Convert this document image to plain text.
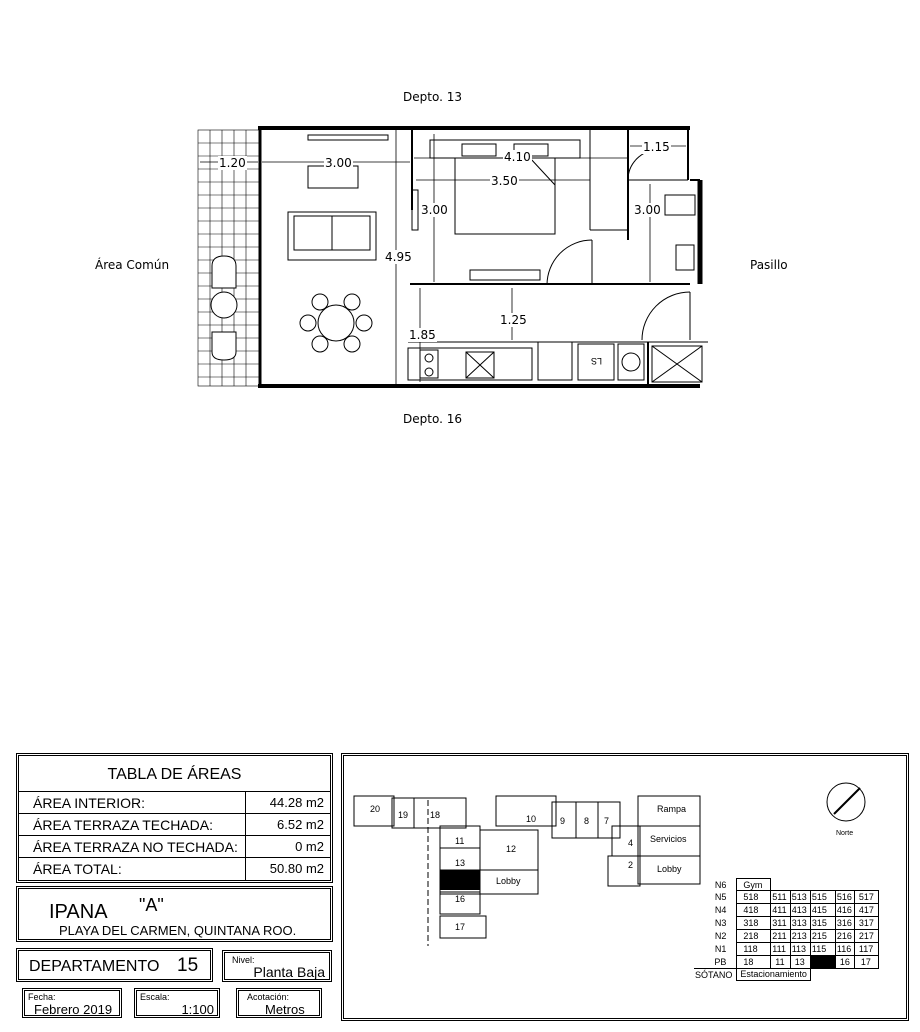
Depto. 13
Depto. 16
Área Común	Pasillo
1.20	3.00	4.10
3.50
1.15
3.00	3.00
4.95
1.85
1.25
LS
TABLA DE ÁREAS
ÁREA INTERIOR:	44.28 m2
ÁREA TERRAZA TECHADA:	6.52 m2
ÁREA TERRAZA NO TECHADA:	0 m2
ÁREA TOTAL:	50.80 m2
IPANA "A"
PLAYA DEL CARMEN, QUINTANA ROO.
DEPARTAMENTO 15	Nivel:
Planta Baja
Fecha:
Febrero 2019
Escala:
1:100
Acotación:
Metros
20
19 18
11
13
16
17
12
Lobby
10	9 8 7
4
2
Rampa
Servicios
Lobby
Norte
N6	Gym					
N5	518	511	513	515	516	517
N4	418	411	413	415	416	417
N3	318	311	313	315	316	317
N2	218	211	213	215	216	217
N1	118	111	113	115	116	117
PB	18	11	13		16	17
SÓTANO	Estacionamiento					
